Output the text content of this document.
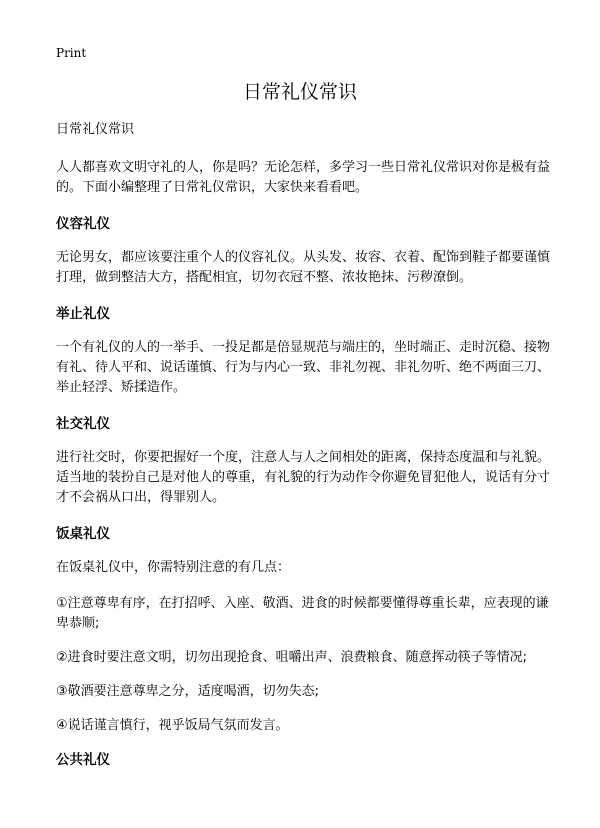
Print
日常礼仪常识

日常礼仪常识

人人都喜欢文明守礼的人，你是吗？无论怎样，多学习一些日常礼仪常识对你是极有益的。下面小编整理了日常礼仪常识，大家快来看看吧。

仪容礼仪

无论男女，都应该要注重个人的仪容礼仪。从头发、妆容、衣着、配饰到鞋子都要谨慎打理，做到整洁大方，搭配相宜，切勿衣冠不整、浓妆艳抹、污秽潦倒。

举止礼仪

一个有礼仪的人的一举手、一投足都是倍显规范与端庄的，坐时端正、走时沉稳、接物有礼、待人平和、说话谨慎、行为与内心一致、非礼勿视、非礼勿听、绝不两面三刀、举止轻浮、矫揉造作。

社交礼仪

进行社交时，你要把握好一个度，注意人与人之间相处的距离，保持态度温和与礼貌。适当地的装扮自己是对他人的尊重，有礼貌的行为动作令你避免冒犯他人，说话有分寸才不会祸从口出，得罪别人。

饭桌礼仪

在饭桌礼仪中，你需特别注意的有几点：

①注意尊卑有序，在打招呼、入座、敬酒、进食的时候都要懂得尊重长辈，应表现的谦卑恭顺;

②进食时要注意文明，切勿出现抢食、咀嚼出声、浪费粮食、随意挥动筷子等情况;

③敬酒要注意尊卑之分，适度喝酒，切勿失态;

④说话谨言慎行，视乎饭局气氛而发言。

公共礼仪
